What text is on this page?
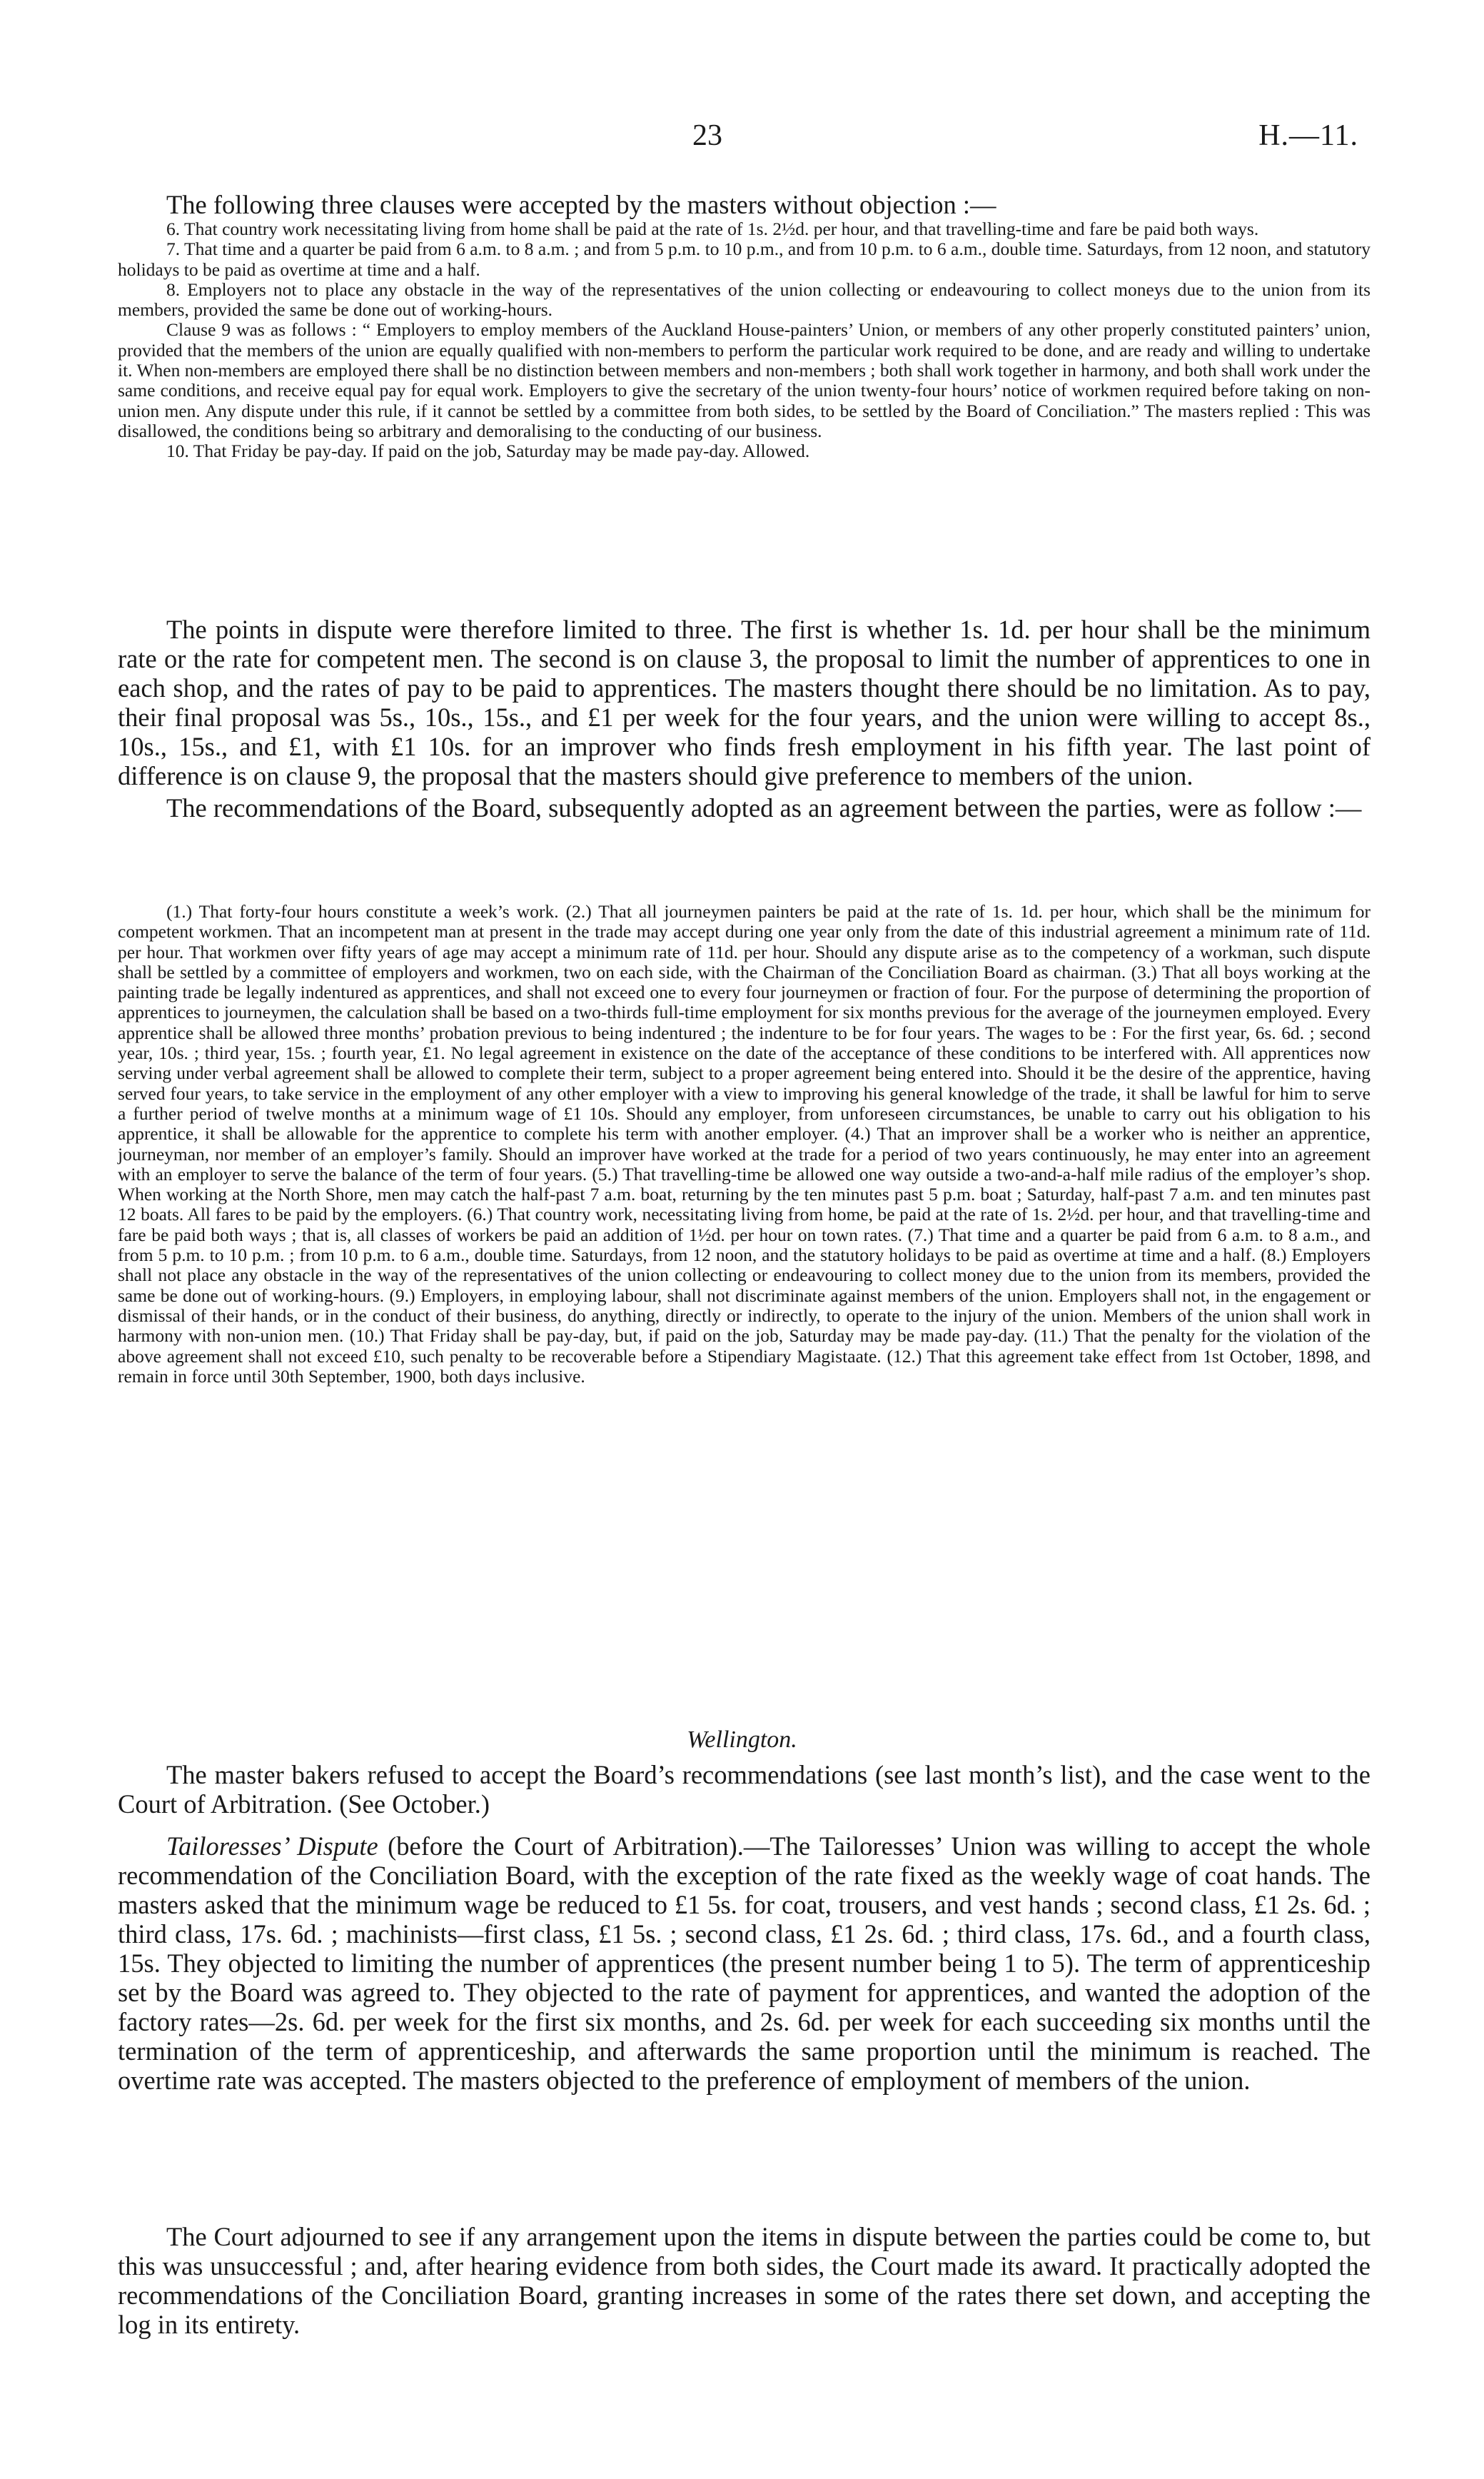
23	H.—11.

The following three clauses were accepted by the masters without objection :—

6. That country work necessitating living from home shall be paid at the rate of 1s. 2½d. per hour, and that travelling-time and fare be paid both ways.

7. That time and a quarter be paid from 6 a.m. to 8 a.m. ; and from 5 p.m. to 10 p.m., and from 10 p.m. to 6 a.m., double time. Saturdays, from 12 noon, and statutory holidays to be paid as overtime at time and a half.

8. Employers not to place any obstacle in the way of the representatives of the union collecting or endeavouring to collect moneys due to the union from its members, provided the same be done out of working-hours.

Clause 9 was as follows : “ Employers to employ members of the Auckland House-painters’ Union, or members of any other properly constituted painters’ union, provided that the members of the union are equally qualified with non-members to perform the particular work required to be done, and are ready and willing to undertake it. When non-members are employed there shall be no distinction between members and non-members ; both shall work together in harmony, and both shall work under the same conditions, and receive equal pay for equal work. Employers to give the secretary of the union twenty-four hours’ notice of workmen required before taking on non-union men. Any dispute under this rule, if it cannot be settled by a committee from both sides, to be settled by the Board of Conciliation.” The masters replied : This was disallowed, the conditions being so arbitrary and demoralising to the conducting of our business.

10. That Friday be pay-day. If paid on the job, Saturday may be made pay-day. Allowed.

The points in dispute were therefore limited to three. The first is whether 1s. 1d. per hour shall be the minimum rate or the rate for competent men. The second is on clause 3, the proposal to limit the number of apprentices to one in each shop, and the rates of pay to be paid to apprentices. The masters thought there should be no limitation. As to pay, their final proposal was 5s., 10s., 15s., and £1 per week for the four years, and the union were willing to accept 8s., 10s., 15s., and £1, with £1 10s. for an improver who finds fresh employment in his fifth year. The last point of difference is on clause 9, the proposal that the masters should give preference to members of the union.

The recommendations of the Board, subsequently adopted as an agreement between the parties, were as follow :—

(1.) That forty-four hours constitute a week’s work. (2.) That all journeymen painters be paid at the rate of 1s. 1d. per hour, which shall be the minimum for competent workmen. That an incompetent man at present in the trade may accept during one year only from the date of this industrial agreement a minimum rate of 11d. per hour. That workmen over fifty years of age may accept a minimum rate of 11d. per hour. Should any dispute arise as to the competency of a workman, such dispute shall be settled by a committee of employers and workmen, two on each side, with the Chairman of the Conciliation Board as chairman. (3.) That all boys working at the painting trade be legally indentured as apprentices, and shall not exceed one to every four journeymen or fraction of four. For the purpose of determining the proportion of apprentices to journeymen, the calculation shall be based on a two-thirds full-time employment for six months previous for the average of the journeymen employed. Every apprentice shall be allowed three months’ probation previous to being indentured ; the indenture to be for four years. The wages to be : For the first year, 6s. 6d. ; second year, 10s. ; third year, 15s. ; fourth year, £1. No legal agreement in existence on the date of the acceptance of these conditions to be interfered with. All apprentices now serving under verbal agreement shall be allowed to complete their term, subject to a proper agreement being entered into. Should it be the desire of the apprentice, having served four years, to take service in the employment of any other employer with a view to improving his general knowledge of the trade, it shall be lawful for him to serve a further period of twelve months at a minimum wage of £1 10s. Should any employer, from unforeseen circumstances, be unable to carry out his obligation to his apprentice, it shall be allowable for the apprentice to complete his term with another employer. (4.) That an improver shall be a worker who is neither an apprentice, journeyman, nor member of an employer’s family. Should an improver have worked at the trade for a period of two years continuously, he may enter into an agreement with an employer to serve the balance of the term of four years. (5.) That travelling-time be allowed one way outside a two-and-a-half mile radius of the employer’s shop. When working at the North Shore, men may catch the half-past 7 a.m. boat, returning by the ten minutes past 5 p.m. boat ; Saturday, half-past 7 a.m. and ten minutes past 12 boats. All fares to be paid by the employers. (6.) That country work, necessitating living from home, be paid at the rate of 1s. 2½d. per hour, and that travelling-time and fare be paid both ways ; that is, all classes of workers be paid an addition of 1½d. per hour on town rates. (7.) That time and a quarter be paid from 6 a.m. to 8 a.m., and from 5 p.m. to 10 p.m. ; from 10 p.m. to 6 a.m., double time. Saturdays, from 12 noon, and the statutory holidays to be paid as overtime at time and a half. (8.) Employers shall not place any obstacle in the way of the representatives of the union collecting or endeavouring to collect money due to the union from its members, provided the same be done out of working-hours. (9.) Employers, in employing labour, shall not discriminate against members of the union. Employers shall not, in the engagement or dismissal of their hands, or in the conduct of their business, do anything, directly or indirectly, to operate to the injury of the union. Members of the union shall work in harmony with non-union men. (10.) That Friday shall be pay-day, but, if paid on the job, Saturday may be made pay-day. (11.) That the penalty for the violation of the above agreement shall not exceed £10, such penalty to be recoverable before a Stipendiary Magistaate. (12.) That this agreement take effect from 1st October, 1898, and remain in force until 30th September, 1900, both days inclusive.

Wellington.

The master bakers refused to accept the Board’s recommendations (see last month’s list), and the case went to the Court of Arbitration. (See October.)

Tailoresses’ Dispute (before the Court of Arbitration).—The Tailoresses’ Union was willing to accept the whole recommendation of the Conciliation Board, with the exception of the rate fixed as the weekly wage of coat hands. The masters asked that the minimum wage be reduced to £1 5s. for coat, trousers, and vest hands ; second class, £1 2s. 6d. ; third class, 17s. 6d. ; machinists—first class, £1 5s. ; second class, £1 2s. 6d. ; third class, 17s. 6d., and a fourth class, 15s. They objected to limiting the number of apprentices (the present number being 1 to 5). The term of apprenticeship set by the Board was agreed to. They objected to the rate of payment for apprentices, and wanted the adoption of the factory rates—2s. 6d. per week for the first six months, and 2s. 6d. per week for each succeeding six months until the termination of the term of apprenticeship, and afterwards the same proportion until the minimum is reached. The overtime rate was accepted. The masters objected to the preference of employment of members of the union.

The Court adjourned to see if any arrangement upon the items in dispute between the parties could be come to, but this was unsuccessful ; and, after hearing evidence from both sides, the Court made its award. It practically adopted the recommendations of the Conciliation Board, granting increases in some of the rates there set down, and accepting the log in its entirety.
